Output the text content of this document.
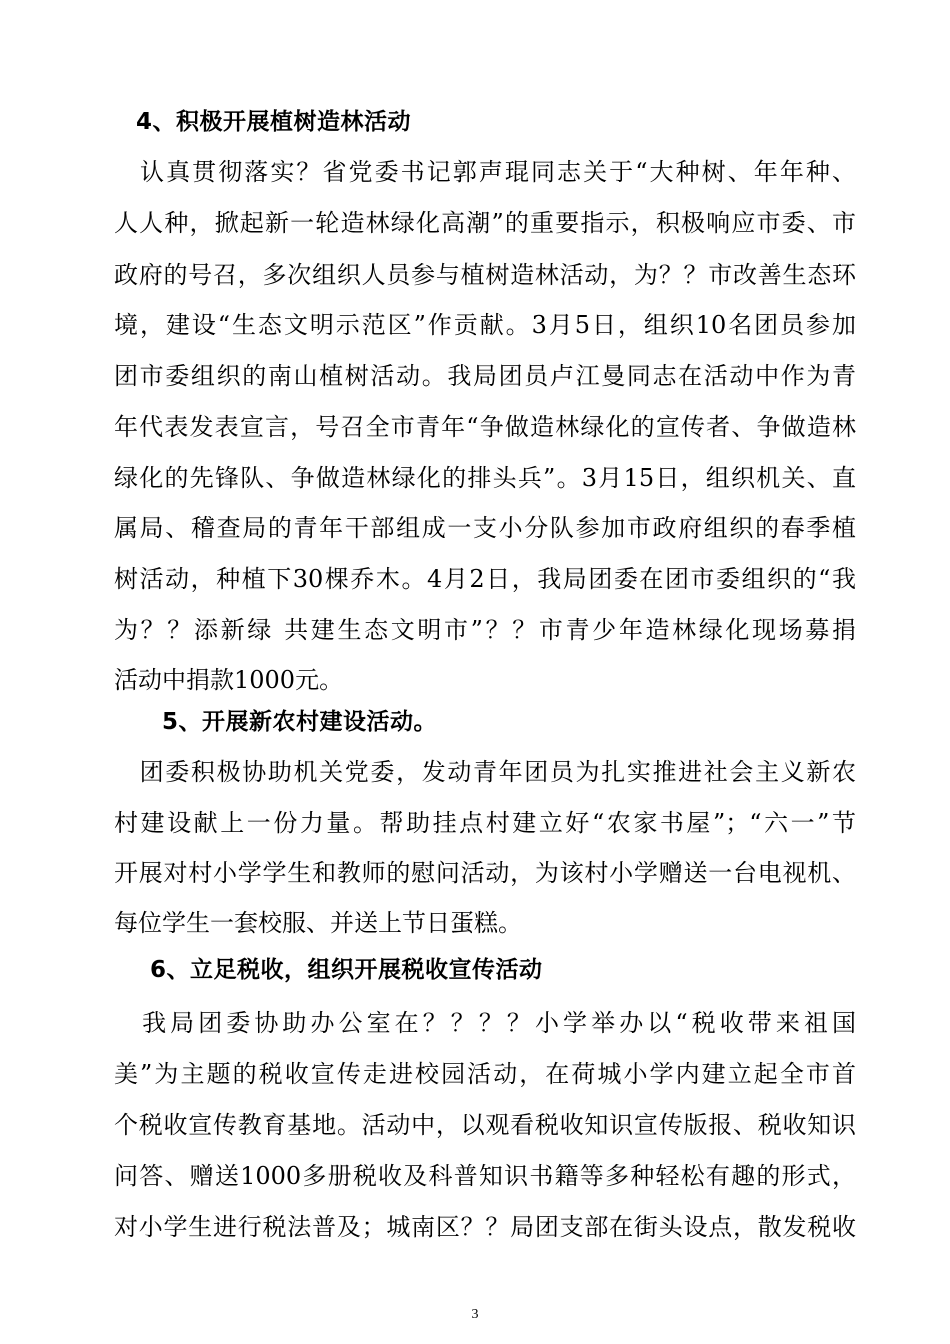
4、积极开展植树造林活动
　认真贯彻落实？省党委书记郭声琨同志关于“大种树、年年种、
人人种，掀起新一轮造林绿化高潮”的重要指示，积极响应市委、市
政府的号召，多次组织人员参与植树造林活动，为？？市改善生态环
境，建设“生态文明示范区”作贡献。3月5日，组织10名团员参加
团市委组织的南山植树活动。我局团员卢江曼同志在活动中作为青
年代表发表宣言，号召全市青年“争做造林绿化的宣传者、争做造林
绿化的先锋队、争做造林绿化的排头兵”。3月15日，组织机关、直
属局、稽查局的青年干部组成一支小分队参加市政府组织的春季植
树活动，种植下30棵乔木。4月2日，我局团委在团市委组织的“我
为？？添新绿 共建生态文明市”？？市青少年造林绿化现场募捐
活动中捐款1000元。
5、开展新农村建设活动。
　团委积极协助机关党委，发动青年团员为扎实推进社会主义新农
村建设献上一份力量。帮助挂点村建立好“农家书屋”；“六一”节
开展对村小学学生和教师的慰问活动，为该村小学赠送一台电视机、
每位学生一套校服、并送上节日蛋糕。
6、立足税收，组织开展税收宣传活动
　我局团委协助办公室在？？？？小学举办以“税收带来祖国
美”为主题的税收宣传走进校园活动，在荷城小学内建立起全市首
个税收宣传教育基地。活动中，以观看税收知识宣传版报、税收知识
问答、赠送1000多册税收及科普知识书籍等多种轻松有趣的形式，
对小学生进行税法普及；城南区？？局团支部在街头设点，散发税收
3
